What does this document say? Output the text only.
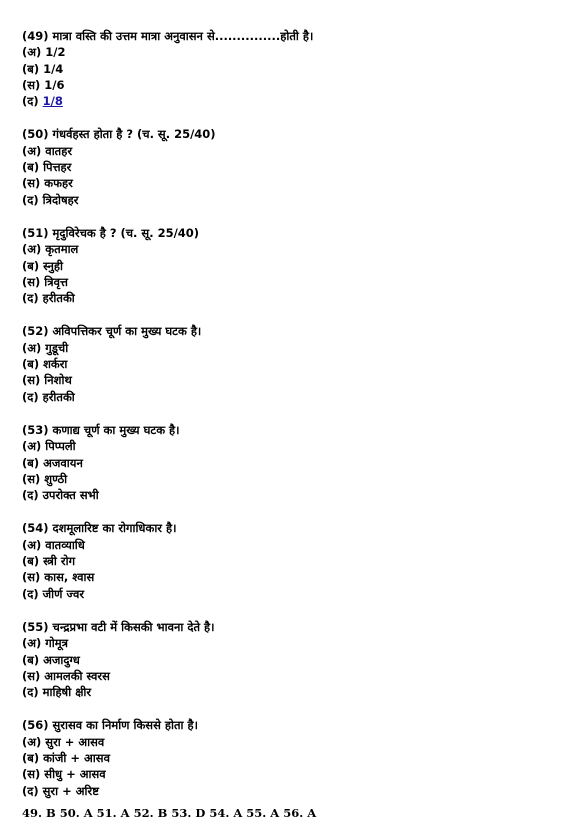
(49) मात्रा वस्ति की उत्तम मात्रा अनुवासन से...............होती है।
(अ) 1/2
(ब) 1/4
(स) 1/6
(द) 1/8
(50) गंधर्वहस्त होता है ? (च. सू. 25/40)
(अ) वातहर
(ब) पित्तहर
(स) कफहर
(द) त्रिदोषहर
(51) मृदुविरेचक है ? (च. सू. 25/40)
(अ) कृतमाल
(ब) स्नुही
(स) त्रिवृत्त
(द) हरीतकी
(52) अविपत्तिकर चूर्ण का मुख्य घटक है।
(अ) गुडूची
(ब) शर्करा
(स) निशोथ
(द) हरीतकी
(53) कणाद्य चूर्ण का मुख्य घटक है।
(अ) पिप्पली
(ब) अजवायन
(स) शुण्ठी
(द) उपरोक्त सभी
(54) दशमूलारिष्ट का रोगाधिकार है।
(अ) वातव्याधि
(ब) स्त्री रोग
(स) कास, श्वास
(द) जीर्ण ज्वर
(55) चन्द्रप्रभा वटी में किसकी भावना देते है।
(अ) गोमूत्र
(ब) अजादुग्ध
(स) आमलकी स्वरस
(द) माहिषी क्षीर
(56) सुरासव का निर्माण किससे होता है।
(अ) सुरा + आसव
(ब) कांजी + आसव
(स) सीधु + आसव
(द) सुरा + अरिष्ट
49. B 50. A 51. A 52. B 53. D 54. A 55. A 56. A
